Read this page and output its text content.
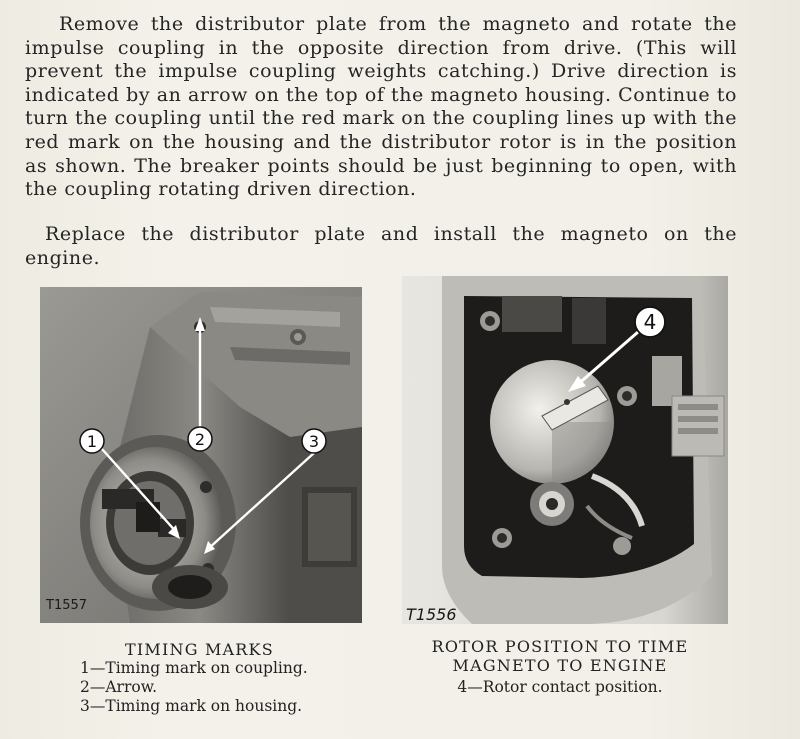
Remove the distributor plate from the magneto and rotate the impulse coupling in the opposite direction from drive. (This will prevent the impulse coupling weights catching.) Drive direction is indicated by an arrow on the top of the magneto housing. Continue to turn the coupling until the red mark on the coupling lines up with the red mark on the housing and the distributor rotor is in the position as shown. The breaker points should be just beginning to open, with the coupling rotating driven direction.
Replace the distributor plate and install the magneto on the engine.
1	2	3
T1557
4
T1556
TIMING MARKS
1—Timing mark on coupling.
2—Arrow.
3—Timing mark on housing.
ROTOR POSITION TO TIME
MAGNETO TO ENGINE
4—Rotor contact position.
